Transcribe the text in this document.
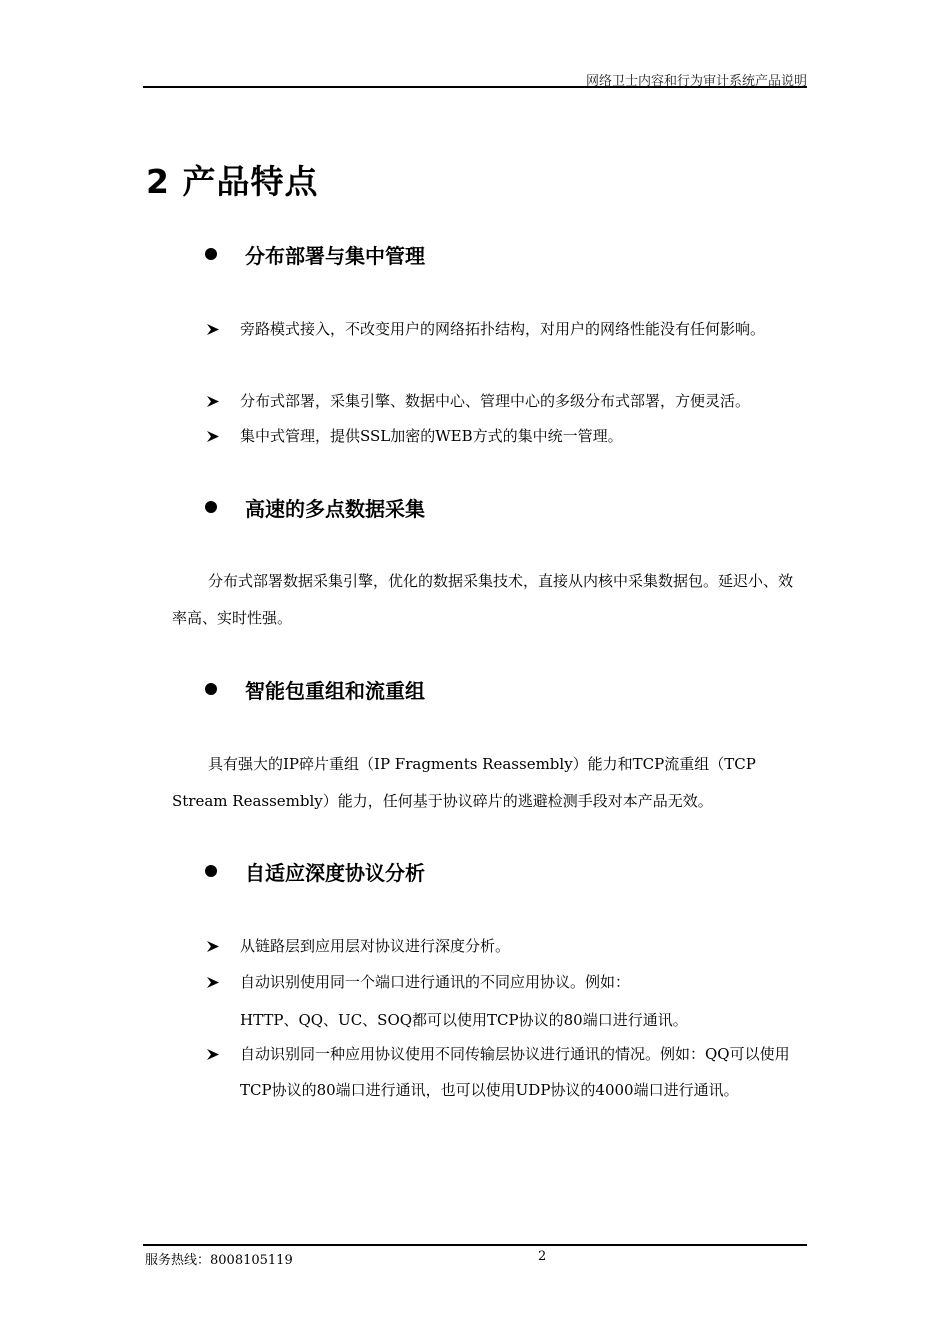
网络卫士内容和行为审计系统产品说明
2 产品特点
分布部署与集中管理
旁路模式接入，不改变用户的网络拓扑结构，对用户的网络性能没有任何影响。
分布式部署，采集引擎、数据中心、管理中心的多级分布式部署，方便灵活。
集中式管理，提供SSL加密的WEB方式的集中统一管理。
高速的多点数据采集
分布式部署数据采集引擎，优化的数据采集技术，直接从内核中采集数据包。延迟小、效率高、实时性强。
智能包重组和流重组
具有强大的IP碎片重组（IP Fragments Reassembly）能力和TCP流重组（TCP Stream Reassembly）能力，任何基于协议碎片的逃避检测手段对本产品无效。
自适应深度协议分析
从链路层到应用层对协议进行深度分析。
自动识别使用同一个端口进行通讯的不同应用协议。例如：
HTTP、QQ、UC、SOQ都可以使用TCP协议的80端口进行通讯。
自动识别同一种应用协议使用不同传输层协议进行通讯的情况。例如：QQ可以使用TCP协议的80端口进行通讯，也可以使用UDP协议的4000端口进行通讯。
服务热线：8008105119	2
